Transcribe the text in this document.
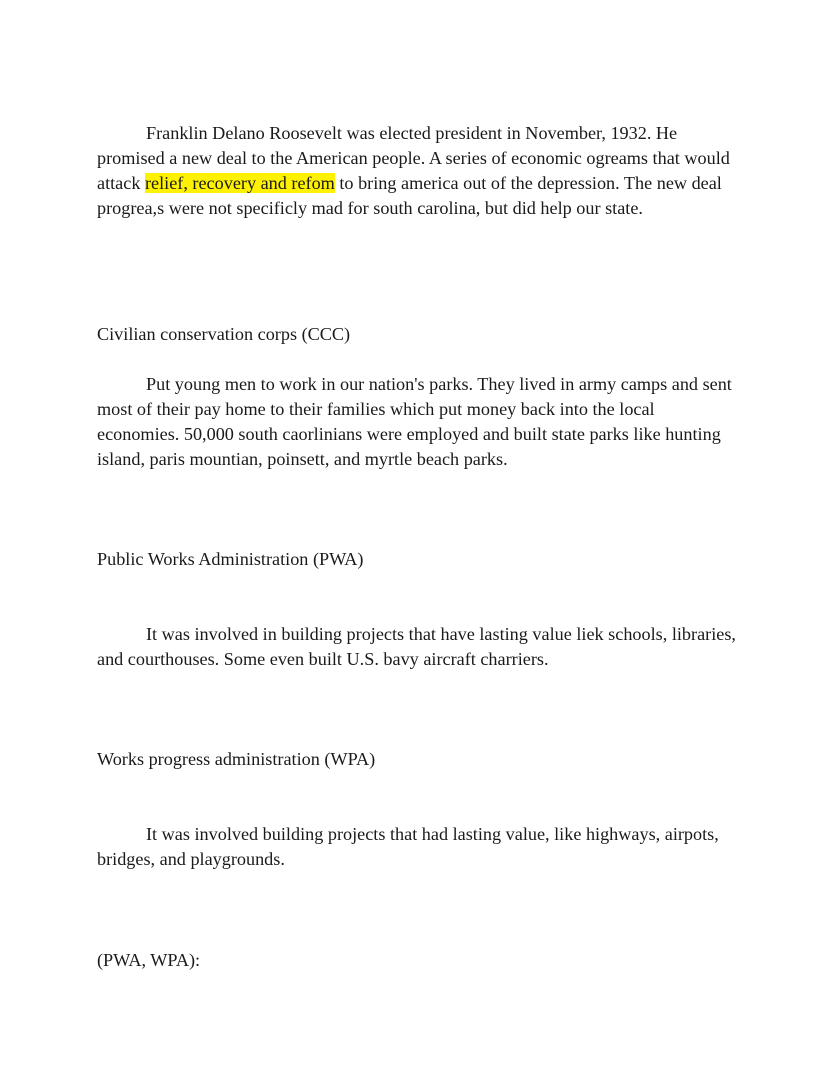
Franklin Delano Roosevelt was elected president in November, 1932. He promised a new deal to the American people. A series of economic ogreams that would attack relief, recovery and refom to bring america out of the depression. The new deal progrea,s were not specificly mad for south carolina, but did help our state.

Civilian conservation corps (CCC)

Put young men to work in our nation's parks. They lived in army camps and sent most of their pay home to their families which put money back into the local economies. 50,000 south caorlinians were employed and built state parks like hunting island, paris mountian, poinsett, and myrtle beach parks.

Public Works Administration (PWA)

It was involved in building projects that have lasting value liek schools, libraries, and courthouses. Some even built U.S. bavy aircraft charriers.

Works progress administration (WPA)

It was involved building projects that had lasting value, like highways, airpots, bridges, and playgrounds.

(PWA, WPA):
